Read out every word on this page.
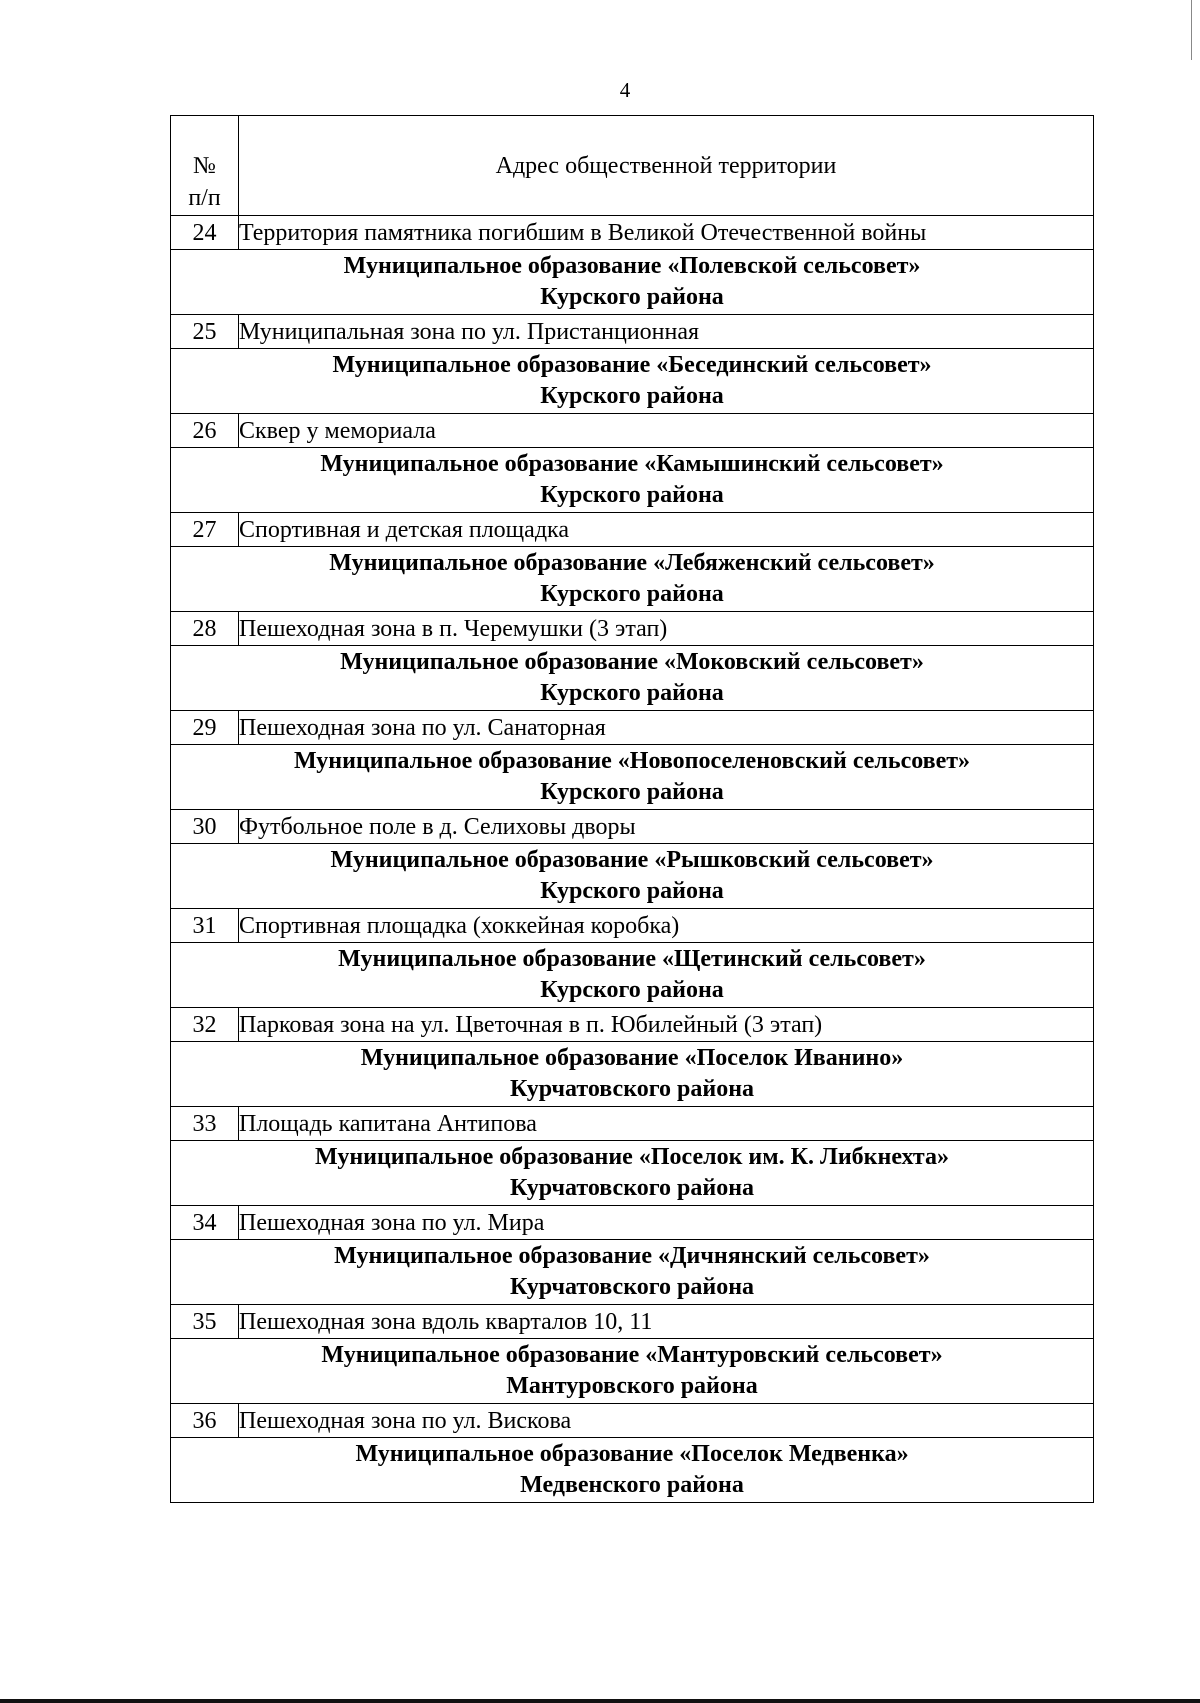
4
№
п/п	Адрес общественной территории
24	Территория памятника погибшим в Великой Отечественной войны

Муниципальное образование «Полевской сельсовет»
Курского района	

25	Муниципальная зона по ул. Пристанционная

Муниципальное образование «Бесединский сельсовет»
Курского района	

26	Сквер у мемориала

Муниципальное образование «Камышинский сельсовет»
Курского района	

27	Спортивная и детская площадка

Муниципальное образование «Лебяженский сельсовет»
Курского района	

28	Пешеходная зона в п. Черемушки (3 этап)

Муниципальное образование «Моковский сельсовет»
Курского района	

29	Пешеходная зона по ул. Санаторная

Муниципальное образование «Новопоселеновский сельсовет»
Курского района	

30	Футбольное поле в д. Селиховы дворы

Муниципальное образование «Рышковский сельсовет»
Курского района	

31	Спортивная площадка (хоккейная коробка)

Муниципальное образование «Щетинский сельсовет»
Курского района	

32	Парковая зона на ул. Цветочная в п. Юбилейный (3 этап)

Муниципальное образование «Поселок Иванино»
Курчатовского района	

33	Площадь капитана Антипова

Муниципальное образование «Поселок им. К. Либкнехта»
Курчатовского района	

34	Пешеходная зона по ул. Мира

Муниципальное образование «Дичнянский сельсовет»
Курчатовского района	

35	Пешеходная зона вдоль кварталов 10, 11

Муниципальное образование «Мантуровский сельсовет»
Мантуровского района	

36	Пешеходная зона по ул. Вискова

Муниципальное образование «Поселок Медвенка»
Медвенского района	
